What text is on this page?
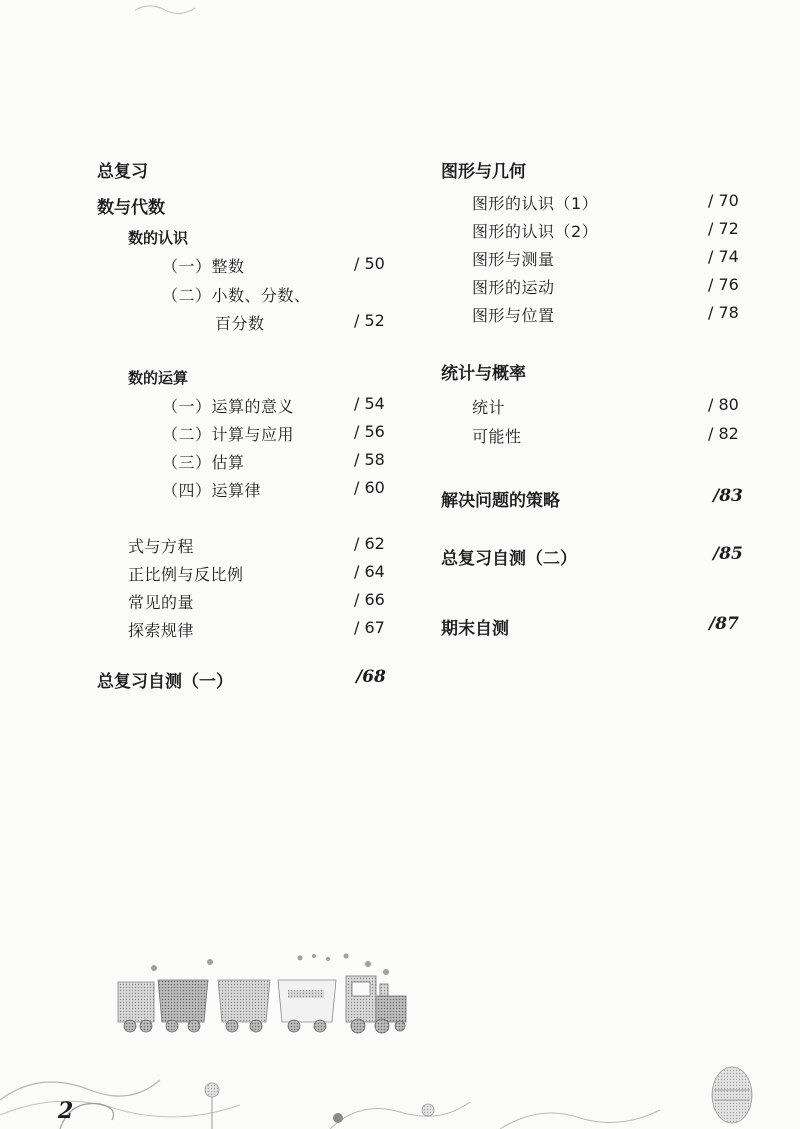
总复习
数与代数
数的认识
（一）整数	/ 50
（二）小数、分数、
百分数	/ 52
数的运算
（一）运算的意义	/ 54
（二）计算与应用	/ 56
（三）估算	/ 58
（四）运算律	/ 60
式与方程	/ 62
正比例与反比例	/ 64
常见的量	/ 66
探索规律	/ 67
总复习自测（一）	/68
图形与几何
图形的认识（1）	/ 70
图形的认识（2）	/ 72
图形与测量	/ 74
图形的运动	/ 76
图形与位置	/ 78
统计与概率
统计	/ 80
可能性	/ 82
解决问题的策略	/83
总复习自测（二）	/85
期末自测	/87
2
